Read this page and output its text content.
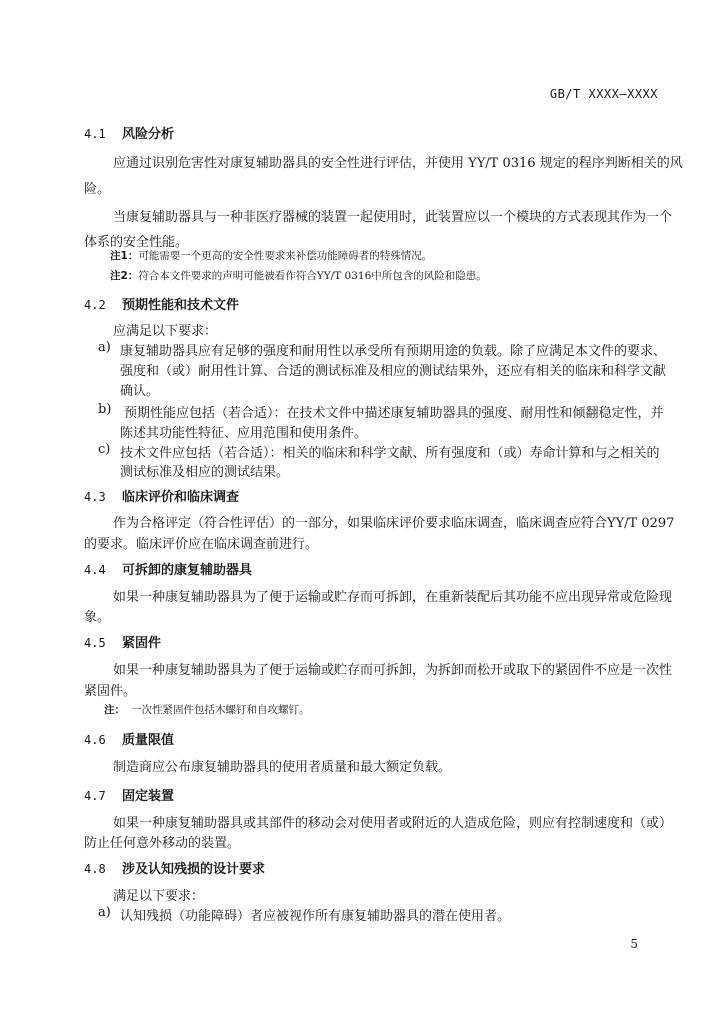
GB/T XXXX—XXXX
4.1 风险分析
应通过识别危害性对康复辅助器具的安全性进行评估，并使用 YY/T 0316 规定的程序判断相关的风
险。
当康复辅助器具与一种非医疗器械的装置一起使用时，此装置应以一个模块的方式表现其作为一个
体系的安全性能。
注1：可能需要一个更高的安全性要求来补偿功能障碍者的特殊情况。
注2：符合本文件要求的声明可能被看作符合YY/T 0316中所包含的风险和隐患。
4.2 预期性能和技术文件
应满足以下要求：
a) 康复辅助器具应有足够的强度和耐用性以承受所有预期用途的负载。除了应满足本文件的要求、
强度和（或）耐用性计算、合适的测试标准及相应的测试结果外，还应有相关的临床和科学文献
确认。
b) 预期性能应包括（若合适）：在技术文件中描述康复辅助器具的强度、耐用性和倾翻稳定性，并
陈述其功能性特征、应用范围和使用条件。
c) 技术文件应包括（若合适）：相关的临床和科学文献、所有强度和（或）寿命计算和与之相关的
测试标准及相应的测试结果。
4.3 临床评价和临床调查
作为合格评定（符合性评估）的一部分，如果临床评价要求临床调查，临床调查应符合YY/T 0297
的要求。临床评价应在临床调查前进行。
4.4 可拆卸的康复辅助器具
如果一种康复辅助器具为了便于运输或贮存而可拆卸，在重新装配后其功能不应出现异常或危险现
象。
4.5 紧固件
如果一种康复辅助器具为了便于运输或贮存而可拆卸，为拆卸而松开或取下的紧固件不应是一次性
紧固件。
注： 一次性紧固件包括木螺钉和自攻螺钉。
4.6 质量限值
制造商应公布康复辅助器具的使用者质量和最大额定负载。
4.7 固定装置
如果一种康复辅助器具或其部件的移动会对使用者或附近的人造成危险，则应有控制速度和（或）
防止任何意外移动的装置。
4.8 涉及认知残损的设计要求
满足以下要求：
a) 认知残损（功能障碍）者应被视作所有康复辅助器具的潜在使用者。
5
